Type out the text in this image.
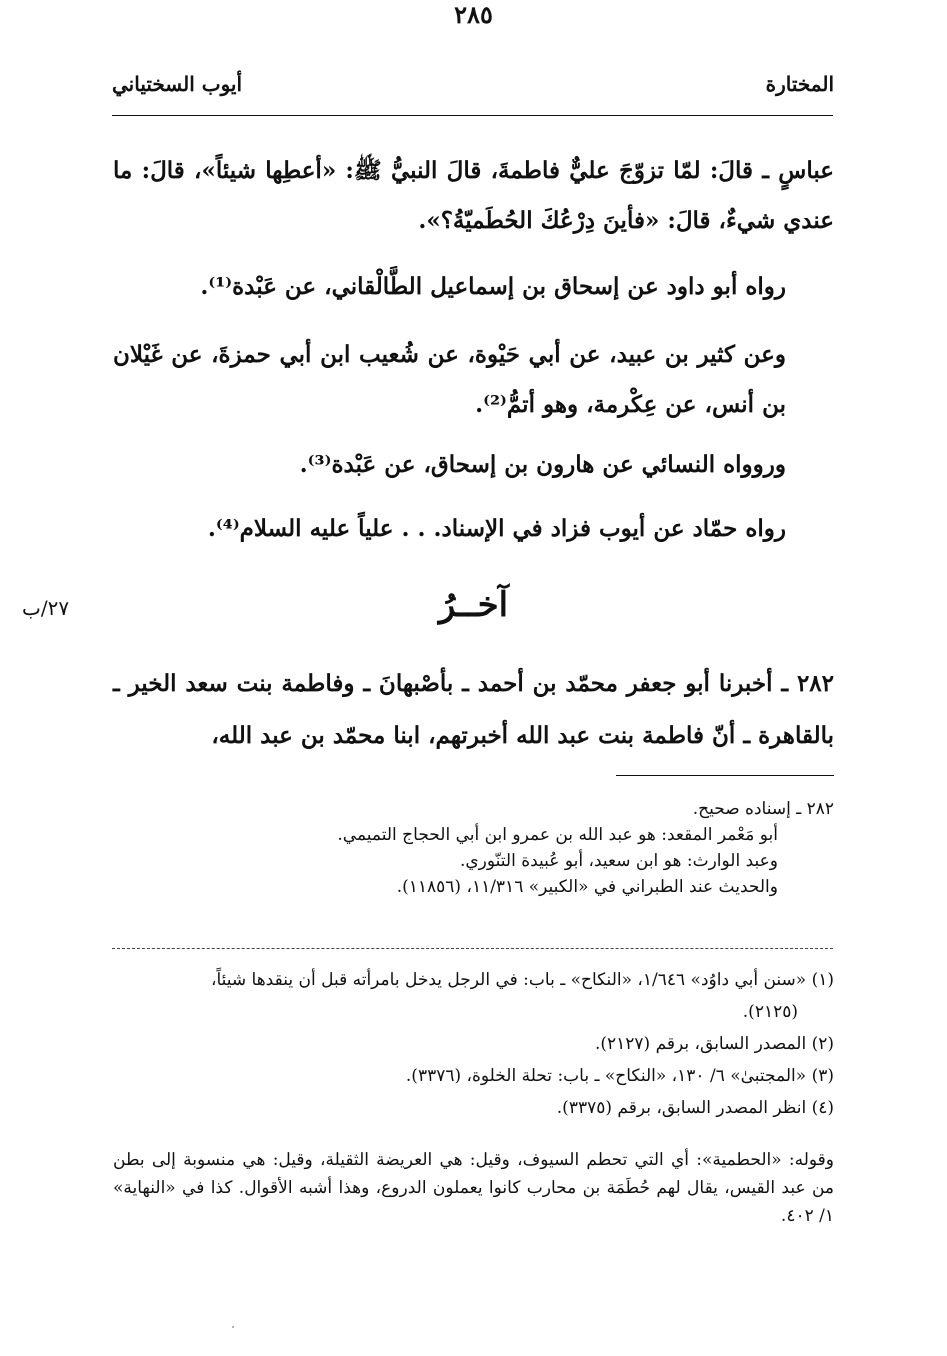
المختارة
٢٨٥
أيوب السختياني

عباسٍ ـ قالَ: لمّا تزوّجَ عليٌّ فاطمةَ، قالَ النبيُّ ﷺ: «أعطِها شيئاً»، قالَ: ما عندي شيءٌ، قالَ: «فأينَ دِرْعُكَ الحُطَميّةُ؟».

رواه أبو داود عن إسحاق بن إسماعيل الطَّالْقاني، عن عَبْدة⁽¹⁾.

وعن كثير بن عبيد، عن أبي حَيْوة، عن شُعيب ابن أبي حمزةَ، عن غَيْلان بن أنس، عن عِكْرمة، وهو أتمُّ⁽²⁾.

وروواه النسائي عن هارون بن إسحاق، عن عَبْدة⁽³⁾.

رواه حمّاد عن أيوب فزاد في الإسناد. . . علياً عليه السلام⁽⁴⁾.

آخــرُ
٢٧/ب

٢٨٢ ـ أخبرنا أبو جعفر محمّد بن أحمد ـ بأصْبهانَ ـ وفاطمة بنت سعد الخير ـ بالقاهرة ـ أنّ فاطمة بنت عبد الله أخبرتهم، ابنا محمّد بن عبد الله،

٢٨٢ ـ إسناده صحيح.

أبو مَعْمر المقعد: هو عبد الله بن عمرو ابن أبي الحجاج التميمي.

وعبد الوارث: هو ابن سعيد، أبو عُبيدة التنّوري.

والحديث عند الطبراني في «الكبير» ١١/٣١٦، (١١٨٥٦).

(١) «سنن أبي داوُد» ١/٦٤٦، «النكاح» ـ باب: في الرجل يدخل بامرأته قبل أن ينقدها شيئاً،

(٢١٢٥).

(٢) المصدر السابق، برقم (٢١٢٧).

(٣) «المجتبىٰ» ٦/ ١٣٠، «النكاح» ـ باب: تحلة الخلوة، (٣٣٧٦).

(٤) انظر المصدر السابق، برقم (٣٣٧٥).

وقوله: «الحطمية»: أي التي تحطم السيوف، وقيل: هي العريضة الثقيلة، وقيل: هي منسوبة إلى بطن من عبد القيس، يقال لهم حُطَمَة بن محارب كانوا يعملون الدروع، وهذا أشبه الأقوال. كذا في «النهاية» ١/ ٤٠٢.
